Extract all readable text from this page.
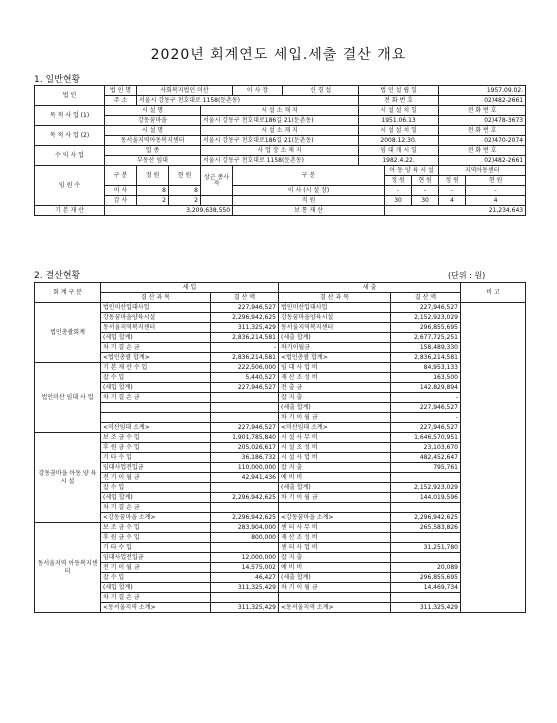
2020년 회계연도 세입.세출 결산 개요
1. 일반현황
법 인	법 인 명	사회복지법인 미산			이 사 장	신 경 섭	법 인 설 립 일			1957.09.02.	
	주 소	서울시 강동구 천호대로 1158(둔촌동)					전 화 번 호			02)482-2661	
목 적 사 업 (1)	시 설 명			시 설 소 재 지			시 설 설 치 일			전 화 번 호	
	강동꿈마을			서울시 강동구 천호대로186길 21(둔촌동)			1951.06.13			02)478-3673	
목 적 사 업 (2)	시 설 명			시 설 소 재 지			시 설 설 치 일			전 화 번 호	
	동서울지역아동복지센터			서울시 강동구 천호대로186길 21(둔촌동)			2008.12.30.			02)470-2074	
수 익 사 업	업 종			사 업 장 소 재 지			임 대 개 시 일			전 화 번 호	
	부동산 임대			서울시 강동구 천호대로 1158(둔촌동)			1982.4.22.			02)482-2661	
임 원 수	구 분	정 원	현 원	상근 종사자	구 분			아 동 양 육 시 설		지역아동센터	
								정 원	현 원	정 원	현 원
	이 사	8	8		이 사 (시 설 장)			-	-	-	-
	감 사	2	2		직 원			30	30	4	4
기 본 재 산	3,209,638,550				보 통 재 산			21,234,643			
2. 결산현황	(단위 : 원)
회 계 구 분	세 입		세 출		비 고
	결 산 과 목	결 산 액	결 산 과 목	결 산 액	
법인총괄회계	법인미산입대사업	227,946,527	법인미산입대사업	227,946,527	
	강동꿈마을양육시설	2,296,942,625	강동꿈마을양육시설	2,152,923,029	
	동서울지역복지센터	311,325,429	동서울지역복지센터	296,855,695	
	(세입 합계)	2,836,214,581	(세출 합계)	2,677,725,251	
	차 기 결 손 금	-	차기이월금	158,489,330	
	<법인총괄 합계>	2,836,214,581	<법인총괄 합계>	2,836,214,581	
법인미산 임대 사 업	기 본 재 산 수 입	222,506,000	임 대 사 업 비	84,953,133	
	잡 수 입	5,440,527	재 산 조 성 비	163,500	
	(세입 합계)	227,946,527	전 출 금	142,829,894	
	차 기 결 손 금		잡 지 출	-	
			(세출 합계)	227,946,527	
			차 기 이 월 금	-	
	<미산임대 소계>	227,946,527	<미산임대 소계>	227,946,527	
강동꿈마을 아동 양 육 시 설	보 조 금 수 입	1,901,785,840	시 설 사 무 비	1,646,570,951	
	후 원 금 수 입	205,026,617	시 설 조 성 비	23,103,670	
	기 타 수 입	36,186,732	시 설 사 업 비	482,452,647	
	임대사업전입금	110,000,000	잡 지 출	795,761	
	전 기 이 월 금	42,941,436	예 비 비		
	잡 수 입		(세출 합계)	2,152,923,029	
	(세입 합계)	2,296,942,625	차 기 이 월 금	144,019,596	
	차 기 결 손 금				
	<강동꿈마을 소계>	2,296,942,625	<강동꿈마을 소계>	2,296,942,625	
동서울지역 아동복지센터	보 조 금 수 입	283,904,000	센 터 사 무 비	265,583,826	
	후 원 금 수 입	800,000	재 산 조 성 비		
	기 타 수 입		센 터 사 업 비	31,251,780	
	임대사업전입금	12,000,000	잡 지 출		
	전 기 이 월 금	14,575,002	예 비 비	20,089	
	잡 수 입	46,427	(세출 합계)	296,855,695	
	(세입 합계)	311,325,429	차 기 이 월 금	14,469,734	
	차 기 결 손 금				
	<동서울지역 소계>	311,325,429	<동서울지역 소계>	311,325,429	
